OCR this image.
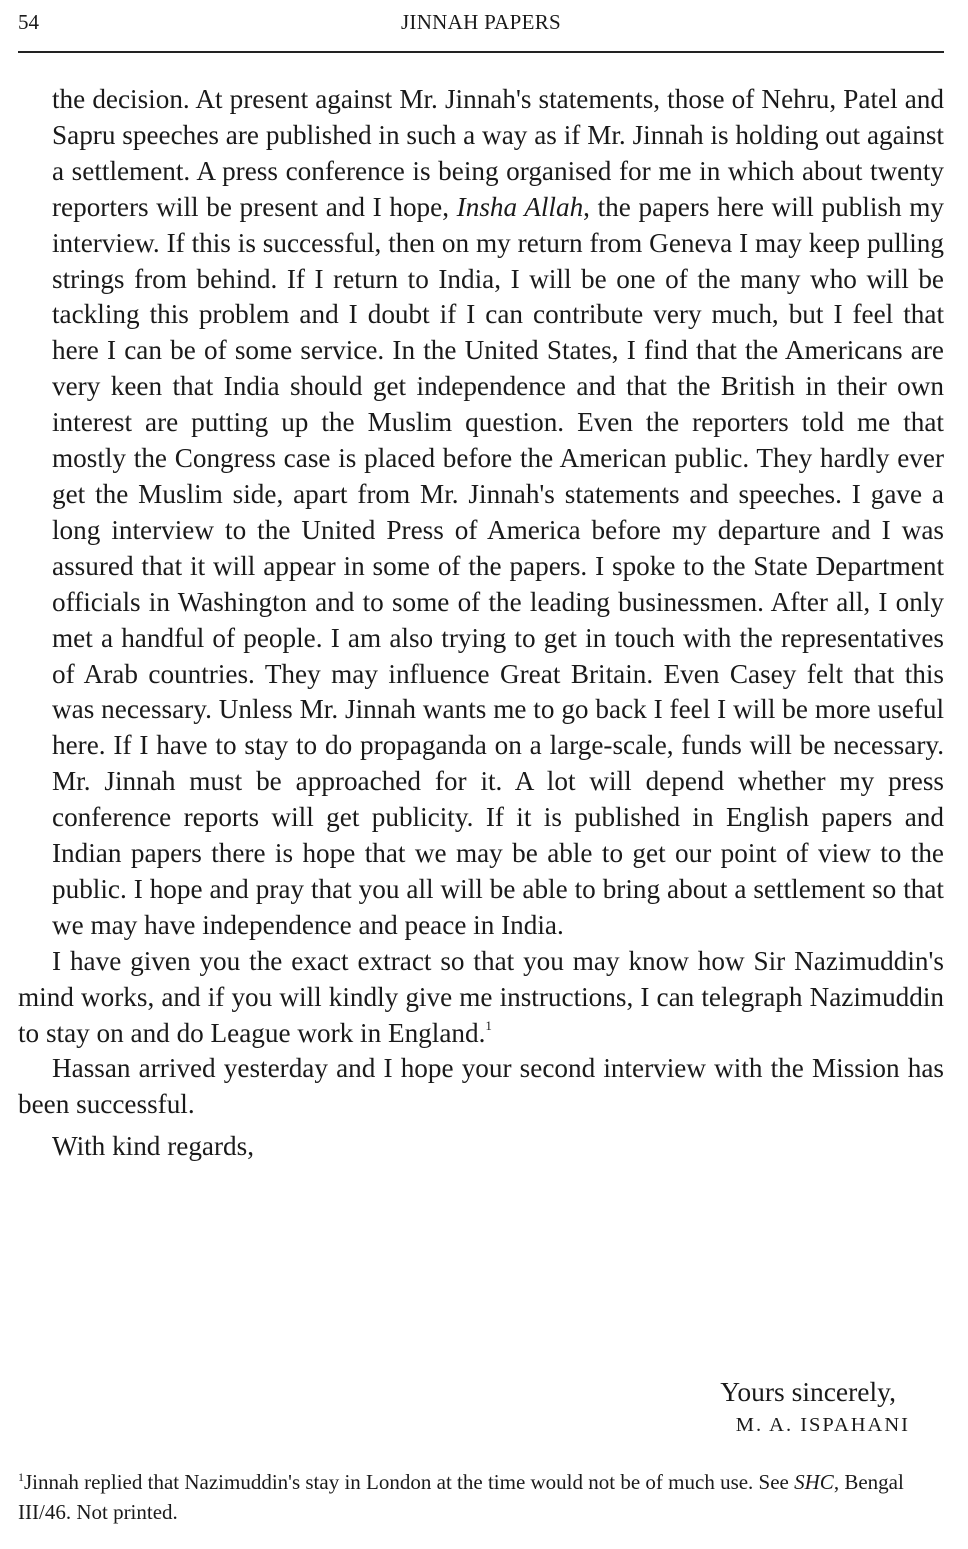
54	JINNAH PAPERS

the decision. At present against Mr. Jinnah's statements, those of Nehru, Patel and Sapru speeches are published in such a way as if Mr. Jinnah is holding out against a settlement. A press conference is being organised for me in which about twenty reporters will be present and I hope, Insha Allah, the papers here will publish my interview. If this is successful, then on my return from Geneva I may keep pulling strings from behind. If I return to India, I will be one of the many who will be tackling this problem and I doubt if I can contribute very much, but I feel that here I can be of some service. In the United States, I find that the Americans are very keen that India should get independence and that the British in their own interest are putting up the Muslim question. Even the reporters told me that mostly the Congress case is placed before the American public. They hardly ever get the Muslim side, apart from Mr. Jinnah's statements and speeches. I gave a long interview to the United Press of America before my departure and I was assured that it will appear in some of the papers. I spoke to the State Department officials in Washington and to some of the leading businessmen. After all, I only met a handful of people. I am also trying to get in touch with the representatives of Arab countries. They may influence Great Britain. Even Casey felt that this was necessary. Unless Mr. Jinnah wants me to go back I feel I will be more useful here. If I have to stay to do propaganda on a large-scale, funds will be necessary. Mr. Jinnah must be approached for it. A lot will depend whether my press conference reports will get publicity. If it is published in English papers and Indian papers there is hope that we may be able to get our point of view to the public. I hope and pray that you all will be able to bring about a settlement so that we may have independence and peace in India.

I have given you the exact extract so that you may know how Sir Nazimuddin's mind works, and if you will kindly give me instructions, I can telegraph Nazimuddin to stay on and do League work in England.$^1$

Hassan arrived yesterday and I hope your second interview with the Mission has been successful.

With kind regards,

Yours sincerely,
M. A. ISPAHANI

$^1$Jinnah replied that Nazimuddin's stay in London at the time would not be of much use. See SHC, Bengal III/46. Not printed.
